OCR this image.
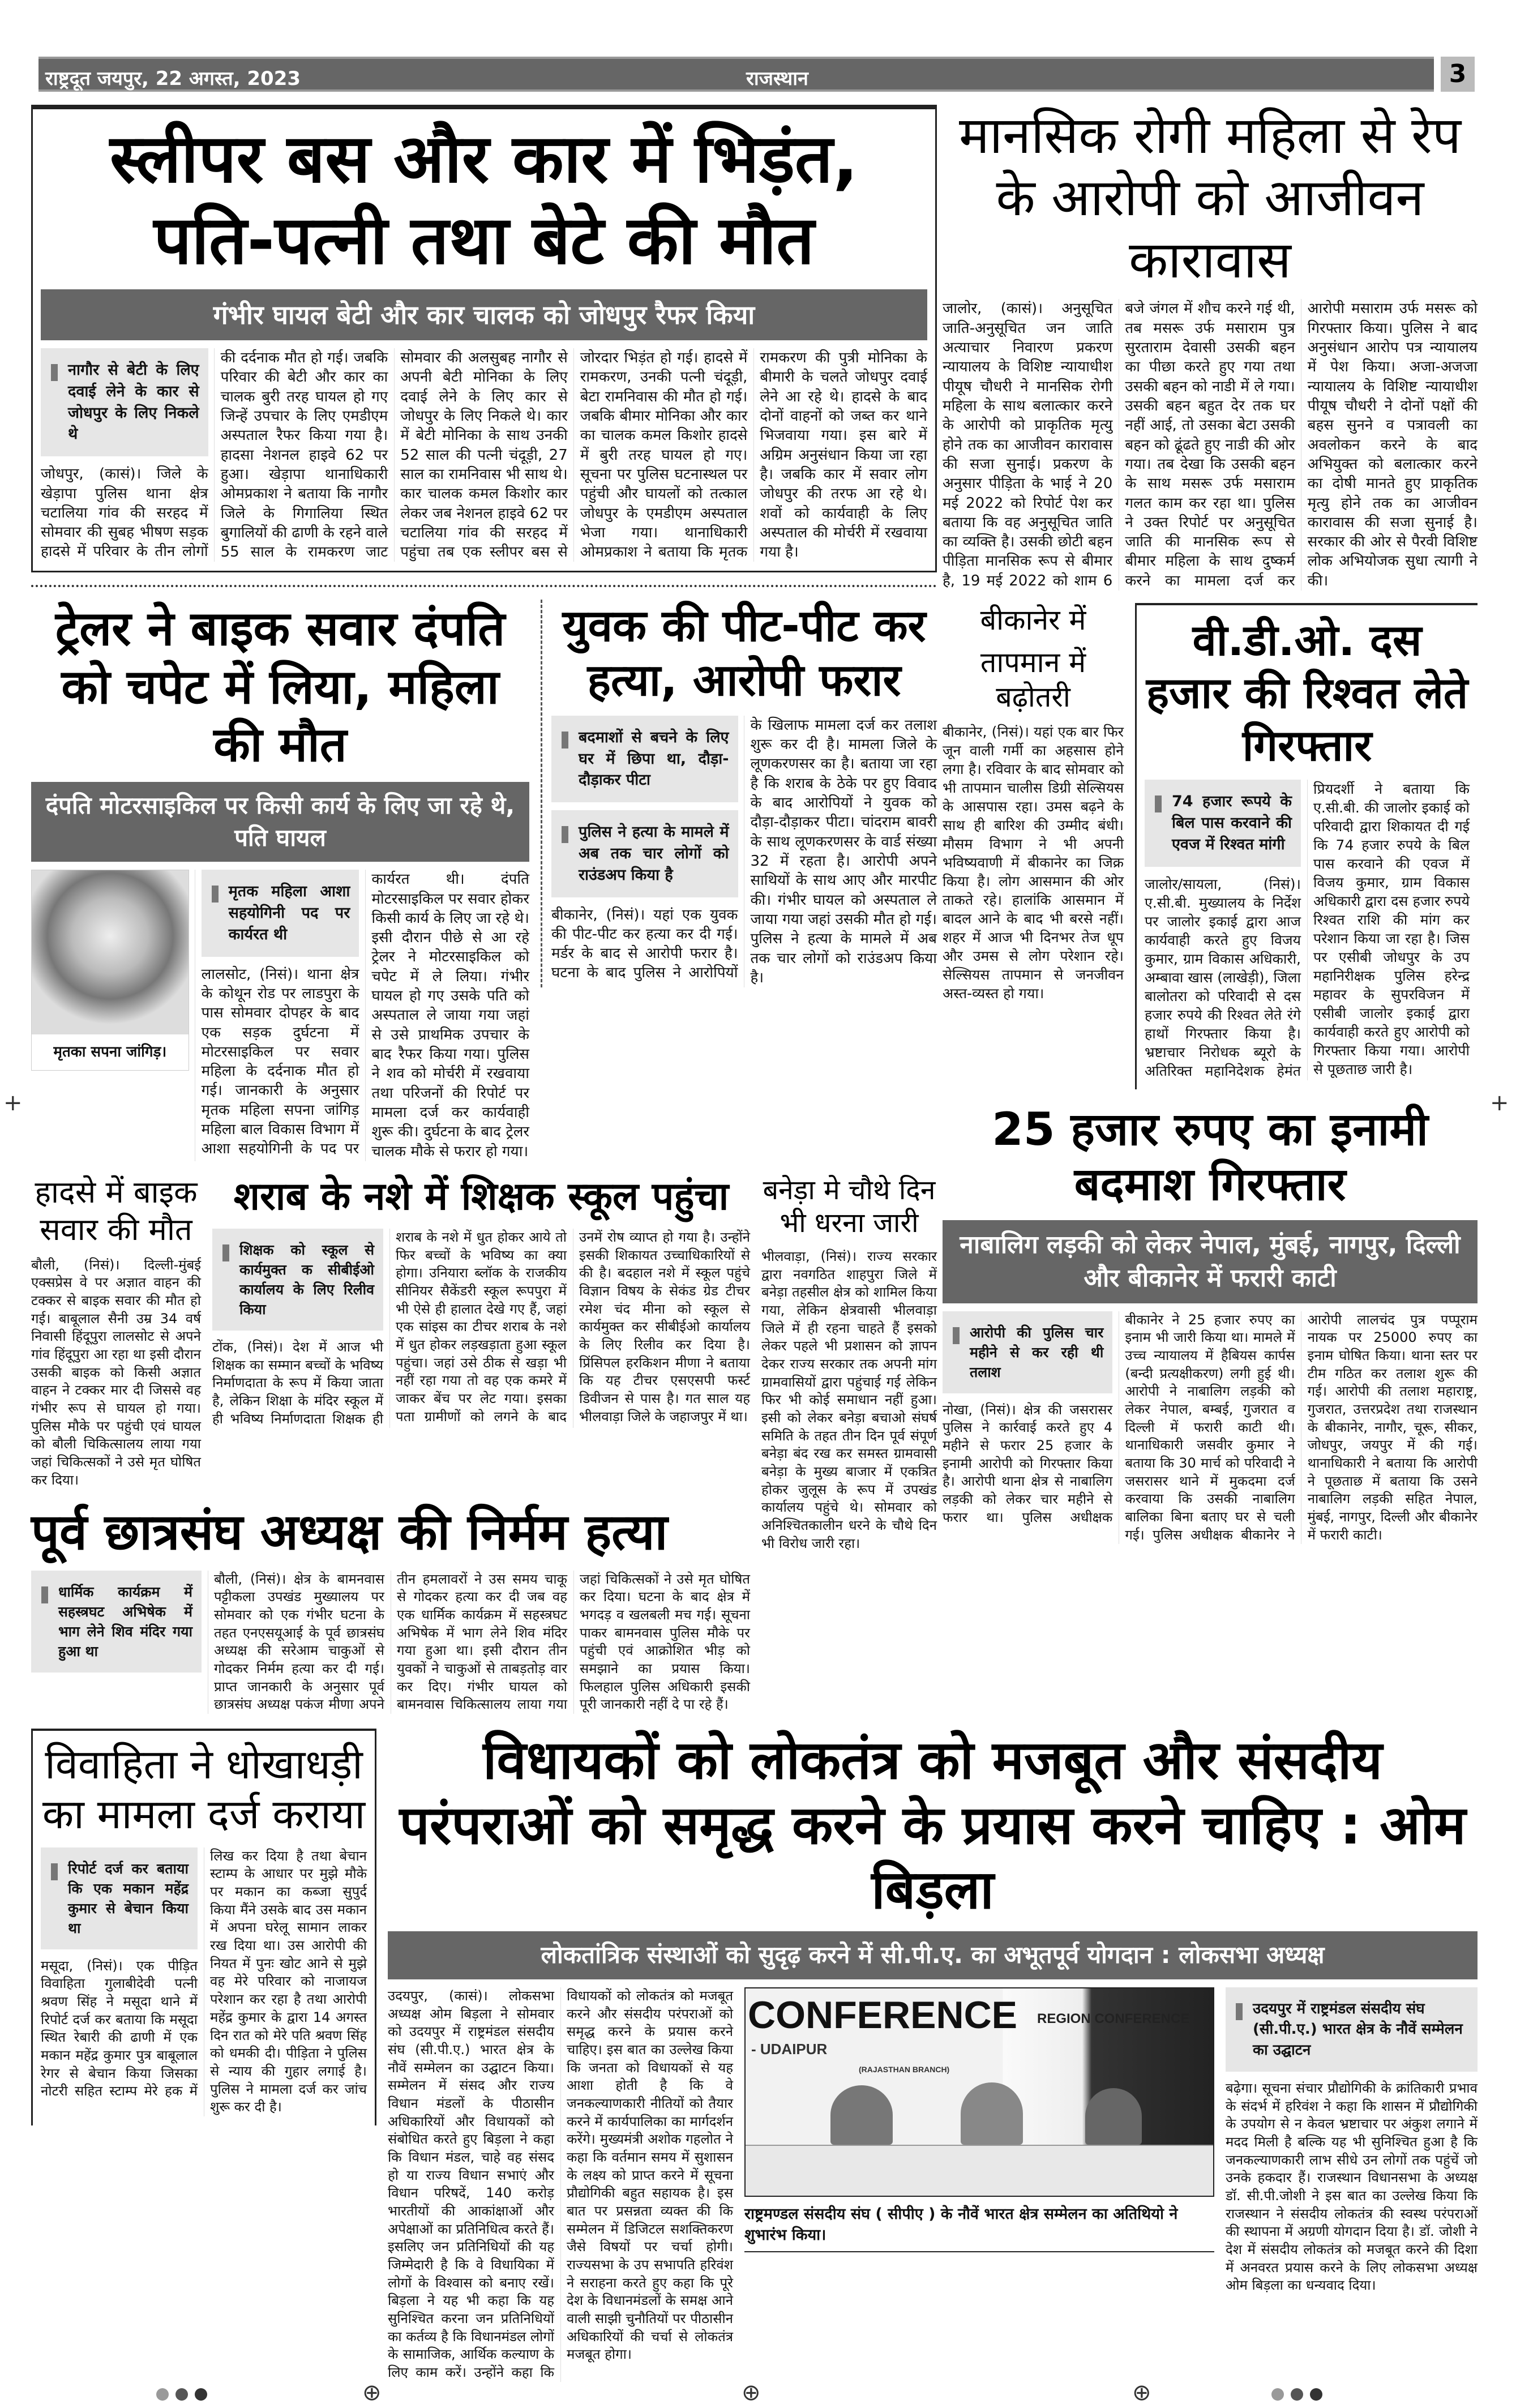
राष्ट्रदूत जयपुर, 22 अगस्त, 2023	राजस्थान	3
+	+
स्लीपर बस और कार में भिड़ंत, पति-पत्नी तथा बेटे की मौत
गंभीर घायल बेटी और कार चालक को जोधपुर रैफर किया
नागौर से बेटी के लिए दवाई लेने के कार से जोधपुर के लिए निकले थे
जोधपुर, (कासं)। जिले के खेड़ापा पुलिस थाना क्षेत्र चटालिया गांव की सरहद में सोमवार की सुबह भीषण सड़क हादसे में परिवार के तीन लोगों की दर्दनाक मौत हो गई। जबकि परिवार की बेटी और कार का चालक बुरी तरह घायल हो गए जिन्हें उपचार के लिए एमडीएम अस्पताल रैफर किया गया है। हादसा नेशनल हाइवे 62 पर हुआ। खेड़ापा थानाधिकारी ओमप्रकाश ने बताया कि नागौर जिले के गिगालिया स्थित बुगालियों की ढाणी के रहने वाले 55 साल के रामकरण जाट सोमवार की अलसुबह नागौर से अपनी बेटी मोनिका के लिए दवाई लेने के लिए कार से जोधपुर के लिए निकले थे। कार में बेटी मोनिका के साथ उनकी 52 साल की पत्नी चंदूड़ी, 27 साल का रामनिवास भी साथ थे। कार चालक कमल किशोर कार लेकर जब नेशनल हाइवे 62 पर चटालिया गांव की सरहद में पहुंचा तब एक स्लीपर बस से जोरदार भिड़ंत हो गई। हादसे में रामकरण, उनकी पत्नी चंदूड़ी, बेटा रामनिवास की मौत हो गई। जबकि बीमार मोनिका और कार का चालक कमल किशोर हादसे में बुरी तरह घायल हो गए। सूचना पर पुलिस घटनास्थल पर पहुंची और घायलों को तत्काल जोधपुर के एमडीएम अस्पताल भेजा गया। थानाधिकारी ओमप्रकाश ने बताया कि मृतक रामकरण की पुत्री मोनिका के बीमारी के चलते जोधपुर दवाई लेने आ रहे थे। हादसे के बाद दोनों वाहनों को जब्त कर थाने भिजवाया गया। इस बारे में अग्रिम अनुसंधान किया जा रहा है। जबकि कार में सवार लोग जोधपुर की तरफ आ रहे थे। शवों को कार्यवाही के लिए अस्पताल की मोर्चरी में रखवाया गया है।
ट्रेलर ने बाइक सवार दंपति को चपेट में लिया, महिला की मौत
दंपति मोटरसाइकिल पर किसी कार्य के लिए जा रहे थे, पति घायल
मृतका सपना जांगिड़।
मृतक महिला आशा सहयोगिनी पद पर कार्यरत थी
लालसोट, (निसं)। थाना क्षेत्र के कोथून रोड पर लाडपुरा के पास सोमवार दोपहर के बाद एक सड़क दुर्घटना में मोटरसाइकिल पर सवार महिला के दर्दनाक मौत हो गई। जानकारी के अनुसार मृतक महिला सपना जांगिड़ महिला बाल विकास विभाग में आशा सहयोगिनी के पद पर कार्यरत थी। दंपति मोटरसाइकिल पर सवार होकर किसी कार्य के लिए जा रहे थे। इसी दौरान पीछे से आ रहे ट्रेलर ने मोटरसाइकिल को चपेट में ले लिया। गंभीर घायल हो गए उसके पति को अस्पताल ले जाया गया जहां से उसे प्राथमिक उपचार के बाद रैफर किया गया। पुलिस ने शव को मोर्चरी में रखवाया तथा परिजनों की रिपोर्ट पर मामला दर्ज कर कार्यवाही शुरू की। दुर्घटना के बाद ट्रेलर चालक मौके से फरार हो गया।
युवक की पीट-पीट कर हत्या, आरोपी फरार
बदमाशों से बचने के लिए घर में छिपा था, दौड़ा-दौड़ाकर पीटा
पुलिस ने हत्या के मामले में अब तक चार लोगों को राउंडअप किया है
बीकानेर, (निसं)। यहां एक युवक की पीट-पीट कर हत्या कर दी गई। मर्डर के बाद से आरोपी फरार है। घटना के बाद पुलिस ने आरोपियों के खिलाफ मामला दर्ज कर तलाश शुरू कर दी है। मामला जिले के लूणकरणसर का है। बताया जा रहा है कि शराब के ठेके पर हुए विवाद के बाद आरोपियों ने युवक को दौड़ा-दौड़ाकर पीटा। चांदराम बावरी के साथ लूणकरणसर के वार्ड संख्या 32 में रहता है। आरोपी अपने साथियों के साथ आए और मारपीट की। गंभीर घायल को अस्पताल ले जाया गया जहां उसकी मौत हो गई। पुलिस ने हत्या के मामले में अब तक चार लोगों को राउंडअप किया है।
हादसे में बाइक सवार की मौत
बौली, (निसं)। दिल्ली-मुंबई एक्सप्रेस वे पर अज्ञात वाहन की टक्कर से बाइक सवार की मौत हो गई। बाबूलाल सैनी उम्र 34 वर्ष निवासी हिंदूपुरा लालसोट से अपने गांव हिंदूपुरा आ रहा था इसी दौरान उसकी बाइक को किसी अज्ञात वाहन ने टक्कर मार दी जिससे वह गंभीर रूप से घायल हो गया। पुलिस मौके पर पहुंची एवं घायल को बौली चिकित्सालय लाया गया जहां चिकित्सकों ने उसे मृत घोषित कर दिया।
शराब के नशे में शिक्षक स्कूल पहुंचा
शिक्षक को स्कूल से कार्यमुक्त क सीबीईओ कार्यालय के लिए रिलीव किया
टोंक, (निसं)। देश में आज भी शिक्षक का सम्मान बच्चों के भविष्य निर्माणदाता के रूप में किया जाता है, लेकिन शिक्षा के मंदिर स्कूल में ही भविष्य निर्माणदाता शिक्षक ही शराब के नशे में धुत होकर आये तो फिर बच्चों के भविष्य का क्या होगा। उनियारा ब्लॉक के राजकीय सीनियर सैकेंडरी स्कूल रूपपुरा में भी ऐसे ही हालात देखे गए हैं, जहां एक सांइस का टीचर शराब के नशे में धुत होकर लड़खड़ाता हुआ स्कूल पहुंचा। जहां उसे ठीक से खड़ा भी नहीं रहा गया तो वह एक कमरे में जाकर बेंच पर लेट गया। इसका पता ग्रामीणों को लगने के बाद उनमें रोष व्याप्त हो गया है। उन्होंने इसकी शिकायत उच्चाधिकारियों से की है। बदहाल नशे में स्कूल पहुंचे विज्ञान विषय के सेकंड ग्रेड टीचर रमेश चंद मीना को स्कूल से कार्यमुक्त कर सीबीईओ कार्यालय के लिए रिलीव कर दिया है। प्रिंसिपल हरकिशन मीणा ने बताया कि यह टीचर एसएसपी फर्स्ट डिवीजन से पास है। गत साल यह भीलवाड़ा जिले के जहाजपुर में था।
पूर्व छात्रसंघ अध्यक्ष की निर्मम हत्या
धार्मिक कार्यक्रम में सहस्त्रघट अभिषेक में भाग लेने शिव मंदिर गया हुआ था
बौली, (निसं)। क्षेत्र के बामनवास पट्टीकला उपखंड मुख्यालय पर सोमवार को एक गंभीर घटना के तहत एनएसयूआई के पूर्व छात्रसंघ अध्यक्ष की सरेआम चाकुओं से गोदकर निर्मम हत्या कर दी गई। प्राप्त जानकारी के अनुसार पूर्व छात्रसंघ अध्यक्ष पकंज मीणा अपने तीन हमलावरों ने उस समय चाकू से गोदकर हत्या कर दी जब वह एक धार्मिक कार्यक्रम में सहस्त्रघट अभिषेक में भाग लेने शिव मंदिर गया हुआ था। इसी दौरान तीन युवकों ने चाकुओं से ताबड़तोड़ वार कर दिए। गंभीर घायल को बामनवास चिकित्सालय लाया गया जहां चिकित्सकों ने उसे मृत घोषित कर दिया। घटना के बाद क्षेत्र में भगदड़ व खलबली मच गई। सूचना पाकर बामनवास पुलिस मौके पर पहुंची एवं आक्रोशित भीड़ को समझाने का प्रयास किया। फिलहाल पुलिस अधिकारी इसकी पूरी जानकारी नहीं दे पा रहे हैं।
बनेड़ा मे चौथे दिन भी धरना जारी
भीलवाड़ा, (निसं)। राज्य सरकार द्वारा नवगठित शाहपुरा जिले में बनेड़ा तहसील क्षेत्र को शामिल किया गया, लेकिन क्षेत्रवासी भीलवाड़ा जिले में ही रहना चाहते हैं इसको लेकर पहले भी प्रशासन को ज्ञापन देकर राज्य सरकार तक अपनी मांग ग्रामवासियों द्वारा पहुंचाई गई लेकिन फिर भी कोई समाधान नहीं हुआ। इसी को लेकर बनेड़ा बचाओ संघर्ष समिति के तहत तीन दिन पूर्व संपूर्ण बनेड़ा बंद रख कर समस्त ग्रामवासी बनेड़ा के मुख्य बाजार में एकत्रित होकर जुलूस के रूप में उपखंड कार्यालय पहुंचे थे। सोमवार को अनिश्चितकालीन धरने के चौथे दिन भी विरोध जारी रहा।
मानसिक रोगी महिला से रेप के आरोपी को आजीवन कारावास
जालोर, (कासं)। अनुसूचित जाति-अनुसूचित जन जाति अत्याचार निवारण प्रकरण न्यायालय के विशिष्ट न्यायाधीश पीयूष चौधरी ने मानसिक रोगी महिला के साथ बलात्कार करने के आरोपी को प्राकृतिक मृत्यु होने तक का आजीवन कारावास की सजा सुनाई। प्रकरण के अनुसार पीड़िता के भाई ने 20 मई 2022 को रिपोर्ट पेश कर बताया कि वह अनुसूचित जाति का व्यक्ति है। उसकी छोटी बहन पीड़िता मानसिक रूप से बीमार है, 19 मई 2022 को शाम 6 बजे जंगल में शौच करने गई थी, तब मसरू उर्फ मसाराम पुत्र सुरताराम देवासी उसकी बहन का पीछा करते हुए गया तथा उसकी बहन को नाडी में ले गया। उसकी बहन बहुत देर तक घर नहीं आई, तो उसका बेटा उसकी बहन को ढूंढते हुए नाडी की ओर गया। तब देखा कि उसकी बहन के साथ मसरू उर्फ मसाराम गलत काम कर रहा था। पुलिस ने उक्त रिपोर्ट पर अनुसूचित जाति की मानसिक रूप से बीमार महिला के साथ दुष्कर्म करने का मामला दर्ज कर आरोपी मसाराम उर्फ मसरू को गिरफ्तार किया। पुलिस ने बाद अनुसंधान आरोप पत्र न्यायालय में पेश किया। अजा-अजजा न्यायालय के विशिष्ट न्यायाधीश पीयूष चौधरी ने दोनों पक्षों की बहस सुनने व पत्रावली का अवलोकन करने के बाद अभियुक्त को बलात्कार करने का दोषी मानते हुए प्राकृतिक मृत्यु होने तक का आजीवन कारावास की सजा सुनाई है। सरकार की ओर से पैरवी विशिष्ट लोक अभियोजक सुधा त्यागी ने की।
बीकानेर में
तापमान में बढ़ोतरी
बीकानेर, (निसं)। यहां एक बार फिर जून वाली गर्मी का अहसास होने लगा है। रविवार के बाद सोमवार को भी तापमान चालीस डिग्री सेल्सियस के आसपास रहा। उमस बढ़ने के साथ ही बारिश की उम्मीद बंधी। मौसम विभाग ने भी अपनी भविष्यवाणी में बीकानेर का जिक्र किया है। लोग आसमान की ओर ताकते रहे। हालांकि आसमान में बादल आने के बाद भी बरसे नहीं। शहर में आज भी दिनभर तेज धूप और उमस से लोग परेशान रहे। सेल्सियस तापमान से जनजीवन अस्त-व्यस्त हो गया।
वी.डी.ओ. दस हजार की रिश्वत लेते गिरफ्तार
74 हजार रूपये के बिल पास करवाने की एवज में रिश्वत मांगी
जालोर/सायला, (निसं)। ए.सी.बी. मुख्यालय के निर्देश पर जालोर इकाई द्वारा आज कार्यवाही करते हुए विजय कुमार, ग्राम विकास अधिकारी, अम्बावा खास (लाखेड़ी), जिला बालोतरा को परिवादी से दस हजार रुपये की रिश्वत लेते रंगे हाथों गिरफ्तार किया है। भ्रष्टाचार निरोधक ब्यूरो के अतिरिक्त महानिदेशक हेमंत प्रियदर्शी ने बताया कि ए.सी.बी. की जालोर इकाई को परिवादी द्वारा शिकायत दी गई कि 74 हजार रुपये के बिल पास करवाने की एवज में विजय कुमार, ग्राम विकास अधिकारी द्वारा दस हजार रुपये रिश्वत राशि की मांग कर परेशान किया जा रहा है। जिस पर एसीबी जोधपुर के उप महानिरीक्षक पुलिस हरेन्द्र महावर के सुपरविजन में एसीबी जालोर इकाई द्वारा कार्यवाही करते हुए आरोपी को गिरफ्तार किया गया। आरोपी से पूछताछ जारी है।
25 हजार रुपए का इनामी बदमाश गिरफ्तार
नाबालिग लड़की को लेकर नेपाल, मुंबई, नागपुर, दिल्ली और बीकानेर में फरारी काटी
आरोपी की पुलिस चार महीने से कर रही थी तलाश
नोखा, (निसं)। क्षेत्र की जसरासर पुलिस ने कार्रवाई करते हुए 4 महीने से फरार 25 हजार के इनामी आरोपी को गिरफ्तार किया है। आरोपी थाना क्षेत्र से नाबालिग लड़की को लेकर चार महीने से फरार था। पुलिस अधीक्षक बीकानेर ने 25 हजार रुपए का इनाम भी जारी किया था। मामले में उच्च न्यायालय में हैबियस कार्पस (बन्दी प्रत्यक्षीकरण) लगी हुई थी। आरोपी ने नाबालिग लड़की को लेकर नेपाल, बम्बई, गुजरात व दिल्ली में फरारी काटी थी। थानाधिकारी जसवीर कुमार ने बताया कि 30 मार्च को परिवादी ने जसरासर थाने में मुकदमा दर्ज करवाया कि उसकी नाबालिग बालिका बिना बताए घर से चली गई। पुलिस अधीक्षक बीकानेर ने आरोपी लालचंद पुत्र पप्पूराम नायक पर 25000 रुपए का इनाम घोषित किया। थाना स्तर पर टीम गठित कर तलाश शुरू की गई। आरोपी की तलाश महाराष्ट्र, गुजरात, उत्तरप्रदेश तथा राजस्थान के बीकानेर, नागौर, चूरू, सीकर, जोधपुर, जयपुर में की गई। थानाधिकारी ने बताया कि आरोपी ने पूछताछ में बताया कि उसने नाबालिग लड़की सहित नेपाल, मुंबई, नागपुर, दिल्ली और बीकानेर में फरारी काटी।
विवाहिता ने धोखाधड़ी का मामला दर्ज कराया
रिपोर्ट दर्ज कर बताया कि एक मकान महेंद्र कुमार से बेचान किया था
मसूदा, (निसं)। एक पीड़ित विवाहिता गुलाबीदेवी पत्नी श्रवण सिंह ने मसूदा थाने में रिपोर्ट दर्ज कर बताया कि मसूदा स्थित रेबारी की ढाणी में एक मकान महेंद्र कुमार पुत्र बाबूलाल रेगर से बेचान किया जिसका नोटरी सहित स्टाम्प मेरे हक में लिख कर दिया है तथा बेचान स्टाम्प के आधार पर मुझे मौके पर मकान का कब्जा सुपुर्द किया मैंने उसके बाद उस मकान में अपना घरेलू सामान लाकर रख दिया था। उस आरोपी की नियत में पुनः खोट आने से मुझे वह मेरे परिवार को नाजायज परेशान कर रहा है तथा आरोपी महेंद्र कुमार के द्वारा 14 अगस्त दिन रात को मेरे पति श्रवण सिंह को धमकी दी। पीड़िता ने पुलिस से न्याय की गुहार लगाई है। पुलिस ने मामला दर्ज कर जांच शुरू कर दी है।
विधायकों को लोकतंत्र को मजबूत और संसदीय परंपराओं को समृद्ध करने के प्रयास करने चाहिए : ओम बिड़ला
लोकतांत्रिक संस्थाओं को सुदृढ़ करने में सी.पी.ए. का अभूतपूर्व योगदान : लोकसभा अध्यक्ष
उदयपुर, (कासं)। लोकसभा अध्यक्ष ओम बिड़ला ने सोमवार को उदयपुर में राष्ट्रमंडल संसदीय संघ (सी.पी.ए.) भारत क्षेत्र के नौवें सम्मेलन का उद्घाटन किया। सम्मेलन में संसद और राज्य विधान मंडलों के पीठासीन अधिकारियों और विधायकों को संबोधित करते हुए बिड़ला ने कहा कि विधान मंडल, चाहे वह संसद हो या राज्य विधान सभाएं और विधान परिषदें, 140 करोड़ भारतीयों की आकांक्षाओं और अपेक्षाओं का प्रतिनिधित्व करते हैं। इसलिए जन प्रतिनिधियों की यह जिम्मेदारी है कि वे विधायिका में लोगों के विश्वास को बनाए रखें। बिड़ला ने यह भी कहा कि यह सुनिश्चित करना जन प्रतिनिधियों का कर्तव्य है कि विधानमंडल लोगों के सामाजिक, आर्थिक कल्याण के लिए काम करें। उन्होंने कहा कि विधायकों को लोकतंत्र को मजबूत करने और संसदीय परंपराओं को समृद्ध करने के प्रयास करने चाहिए। इस बात का उल्लेख किया कि जनता को विधायकों से यह आशा होती है कि वे जनकल्याणकारी नीतियों को तैयार करने में कार्यपालिका का मार्गदर्शन करेंगे। मुख्यमंत्री अशोक गहलोत ने कहा कि वर्तमान समय में सुशासन के लक्ष्य को प्राप्त करने में सूचना प्रौद्योगिकी बहुत सहायक है। इस बात पर प्रसन्नता व्यक्त की कि सम्मेलन में डिजिटल सशक्तिकरण जैसे विषयों पर चर्चा होगी। राज्यसभा के उप सभापति हरिवंश ने सराहना करते हुए कहा कि पूरे देश के विधानमंडलों के समक्ष आने वाली साझी चुनौतियों पर पीठासीन अधिकारियों की चर्चा से लोकतंत्र मजबूत होगा।
CONFERENCE
- UDAIPUR
(RAJASTHAN BRANCH)
REGION CONFERENCE
राष्ट्रमण्डल संसदीय संघ ( सीपीए ) के नौवें भारत क्षेत्र सम्मेलन का अतिथियो ने शुभारंभ किया।
उदयपुर में राष्ट्रमंडल संसदीय संघ (सी.पी.ए.) भारत क्षेत्र के नौवें सम्मेलन का उद्घाटन
बढ़ेगा। सूचना संचार प्रौद्योगिकी के क्रांतिकारी प्रभाव के संदर्भ में हरिवंश ने कहा कि शासन में प्रौद्योगिकी के उपयोग से न केवल भ्रष्टाचार पर अंकुश लगाने में मदद मिली है बल्कि यह भी सुनिश्चित हुआ है कि जनकल्याणकारी लाभ सीधे उन लोगों तक पहुंचें जो उनके हकदार हैं। राजस्थान विधानसभा के अध्यक्ष डॉ. सी.पी.जोशी ने इस बात का उल्लेख किया कि राजस्थान ने संसदीय लोकतंत्र की स्वस्थ परंपराओं की स्थापना में अग्रणी योगदान दिया है। डॉ. जोशी ने देश में संसदीय लोकतंत्र को मजबूत करने की दिशा में अनवरत प्रयास करने के लिए लोकसभा अध्यक्ष ओम बिड़ला का धन्यवाद दिया।
⊕	⊕	⊕
